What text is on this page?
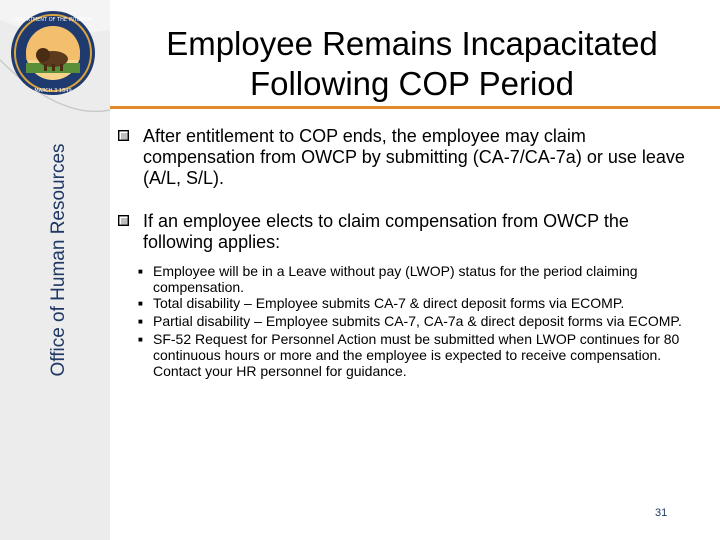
DEPARTMENT OF THE INTERIOR
MARCH 3 1849
Office of Human Resources
Employee Remains Incapacitated Following COP Period
After entitlement to COP ends, the employee may claim compensation from OWCP by submitting (CA-7/CA-7a) or use leave (A/L, S/L).
If an employee elects to claim compensation from OWCP the following applies:
■ Employee will be in a Leave without pay (LWOP) status for the period claiming compensation.
■ Total disability – Employee submits CA-7 & direct deposit forms via ECOMP.
■ Partial disability – Employee submits CA-7, CA-7a & direct deposit forms via ECOMP.
■ SF-52 Request for Personnel Action must be submitted when LWOP continues for 80 continuous hours or more and the employee is expected to receive compensation. Contact your HR personnel for guidance.
31
